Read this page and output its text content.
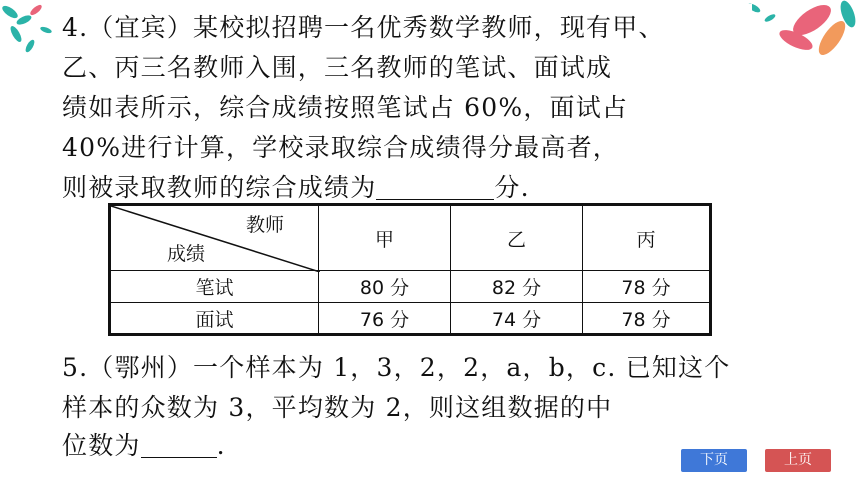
4.（宜宾）某校拟招聘一名优秀数学教师，现有甲、
乙、丙三名教师入围，三名教师的笔试、面试成
绩如表所示，综合成绩按照笔试占 60%，面试占
40%进行计算，学校录取综合成绩得分最高者，
则被录取教师的综合成绩为	分.
教师
成绩	甲	乙	丙
笔试	80 分	82 分	78 分
面试	76 分	74 分	78 分
5.（鄂州）一个样本为 1，3，2，2，a，b，c. 已知这个
样本的众数为 3，平均数为 2，则这组数据的中
位数为	.	下页	上页
